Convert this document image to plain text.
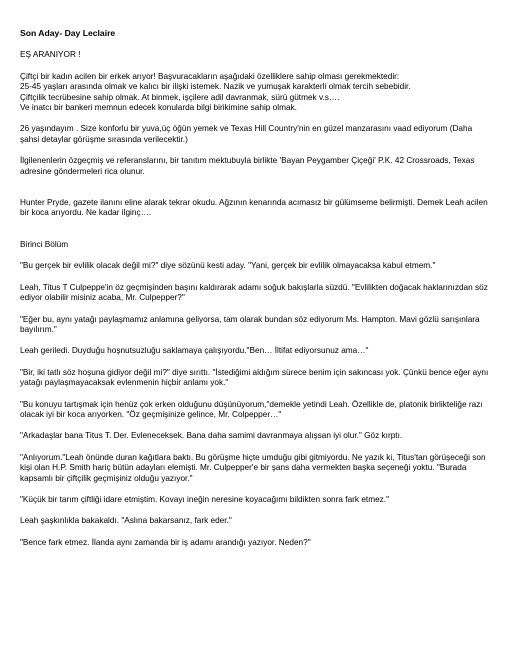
Son Aday- Day Leclaire

EŞ ARANIYOR !

Çiftçi bir kadın acilen bir erkek arıyor! Başvuracakların aşağıdaki özelliklere sahip olması gerekmektedir:

25-45 yaşları arasında olmak ve kalıcı bir ilişki istemek. Nazik ve yumuşak karakterli olmak tercih sebebidir.

Çiftçilik tecrübesine sahip olmak. At binmek, işçilere adil davranmak, sürü gütmek v.s….

Ve inatcı bir bankeri memnun edecek konularda bilgi birikimine sahip olmak.

26 yaşındayım . Size konforlu bir yuva,üç öğün yemek ve Texas Hill Country'nin en güzel manzarasını vaad ediyorum (Daha şahsi detaylar görüşme sırasında verilecektir.)

İlgilenenlerin özgeçmiş ve referanslarını, bir tanıtım mektubuyla birlikte 'Bayan Peygamber Çiçeği' P.K. 42 Crossroads, Texas adresine göndermeleri rica olunur.

Hunter Pryde, gazete ilanını eline alarak tekrar okudu. Ağzının kenarında acımasız bir gülümseme belirmişti. Demek Leah acilen bir koca arıyordu. Ne kadar ilginç….

Birinci Bölüm

"Bu gerçek bir evlilik olacak değil mi?" diye sözünü kesti aday. "Yani, gerçek bir evlilik olmayacaksa kabul etmem."

Leah, Titus T Culpeppe'in öz geçmişinden başını kaldırarak adamı soğuk bakışlarla süzdü. "Evlilikten doğacak haklarınızdan söz ediyor olabilir misiniz acaba, Mr. Culpepper?"

"Eğer bu, aynı yatağı paylaşmamız anlamına geliyorsa, tam olarak bundan söz ediyorum Ms. Hampton. Mavi gözlü sarışınlara bayılırım."

Leah geriledi. Duyduğu hoşnutsuzluğu saklamaya çalışıyordu."Ben… İltifat ediyorsunuz ama…"

"Bir, iki tatlı söz hoşuna gidiyor değil mi?" diye sırıttı. "İstediğimi aldığım sürece benim için sakıncası yok. Çünkü bence eğer aynı yatağı paylaşmayacaksak evlenmenin hiçbir anlamı yok."

"Bu konuyu tartışmak için henüz çok erken olduğunu düşünüyorum,"demekle yetindi Leah. Özellikle de, platonik birlikteliğe razı olacak iyi bir koca arıyorken. "Öz geçmişinize gelince, Mr. Colpepper…"

"Arkadaşlar bana Titus T. Der. Evleneceksek. Bana daha samimi davranmaya alışsan iyi olur." Göz kırptı.

"Anlıyorum."Leah önünde duran kağıtlara baktı. Bu görüşme hiçte umduğu gibi gitmiyordu. Ne yazık ki, Titus'tan görüşeceği son kişi olan H.P. Smith hariç bütün adayları elemişti. Mr. Culpepper'e bir şans daha vermekten başka seçeneği yoktu. "Burada kapsamlı bir çiftçilik geçmişiniz olduğu yazıyor."

"Küçük bir tarım çiftliği idare etmiştim. Kovayı ineğin neresine koyacağımı bildikten sonra fark etmez."

Leah şaşkınlıkla bakakaldı. "Aslına bakarsanız, fark eder."

"Bence fark etmez. İlanda aynı zamanda bir iş adamı arandığı yazıyor. Neden?"
